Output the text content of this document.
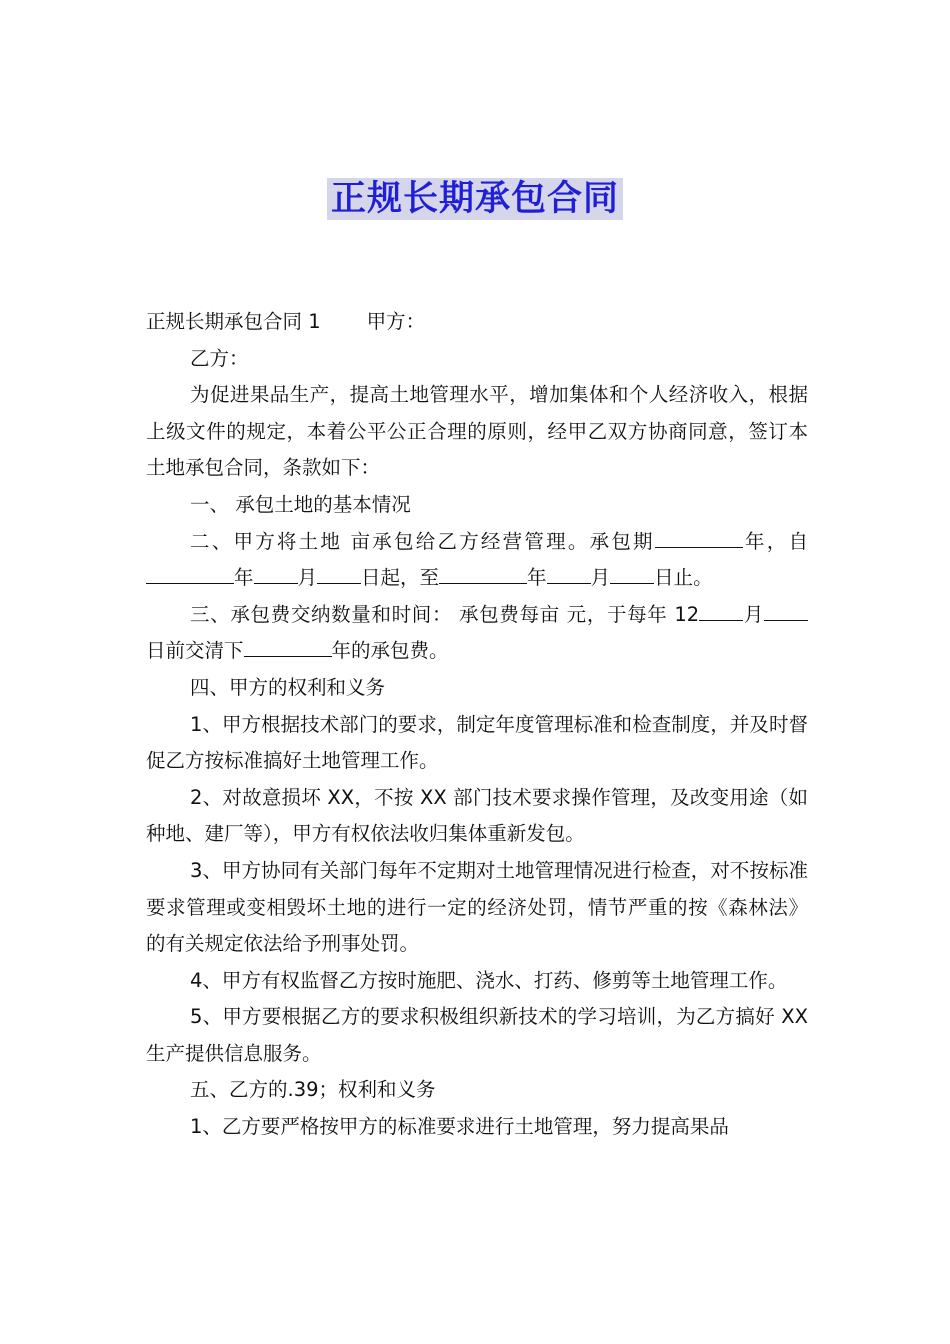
正规长期承包合同

正规长期承包合同 1 甲方：

乙方：

为促进果品生产，提高土地管理水平，增加集体和个人经济收入，根据上级文件的规定，本着公平公正合理的原则，经甲乙双方协商同意，签订本土地承包合同，条款如下：

一、 承包土地的基本情况

二、甲方将土地 亩承包给乙方经营管理。承包期	年，自年 月 日起，至	年 月 日止。

三、承包费交纳数量和时间： 承包费每亩 元，于每年 12 月日前交清下	年的承包费。

四、甲方的权利和义务

1、甲方根据技术部门的要求，制定年度管理标准和检查制度，并及时督促乙方按标准搞好土地管理工作。

2、对故意损坏 XX，不按 XX 部门技术要求操作管理，及改变用途（如种地、建厂等），甲方有权依法收归集体重新发包。

3、甲方协同有关部门每年不定期对土地管理情况进行检查，对不按标准要求管理或变相毁坏土地的进行一定的经济处罚，情节严重的按《森林法》的有关规定依法给予刑事处罚。

4、甲方有权监督乙方按时施肥、浇水、打药、修剪等土地管理工作。

5、甲方要根据乙方的要求积极组织新技术的学习培训，为乙方搞好 XX 生产提供信息服务。

五、乙方的.39；权利和义务

1、乙方要严格按甲方的标准要求进行土地管理，努力提高果品
